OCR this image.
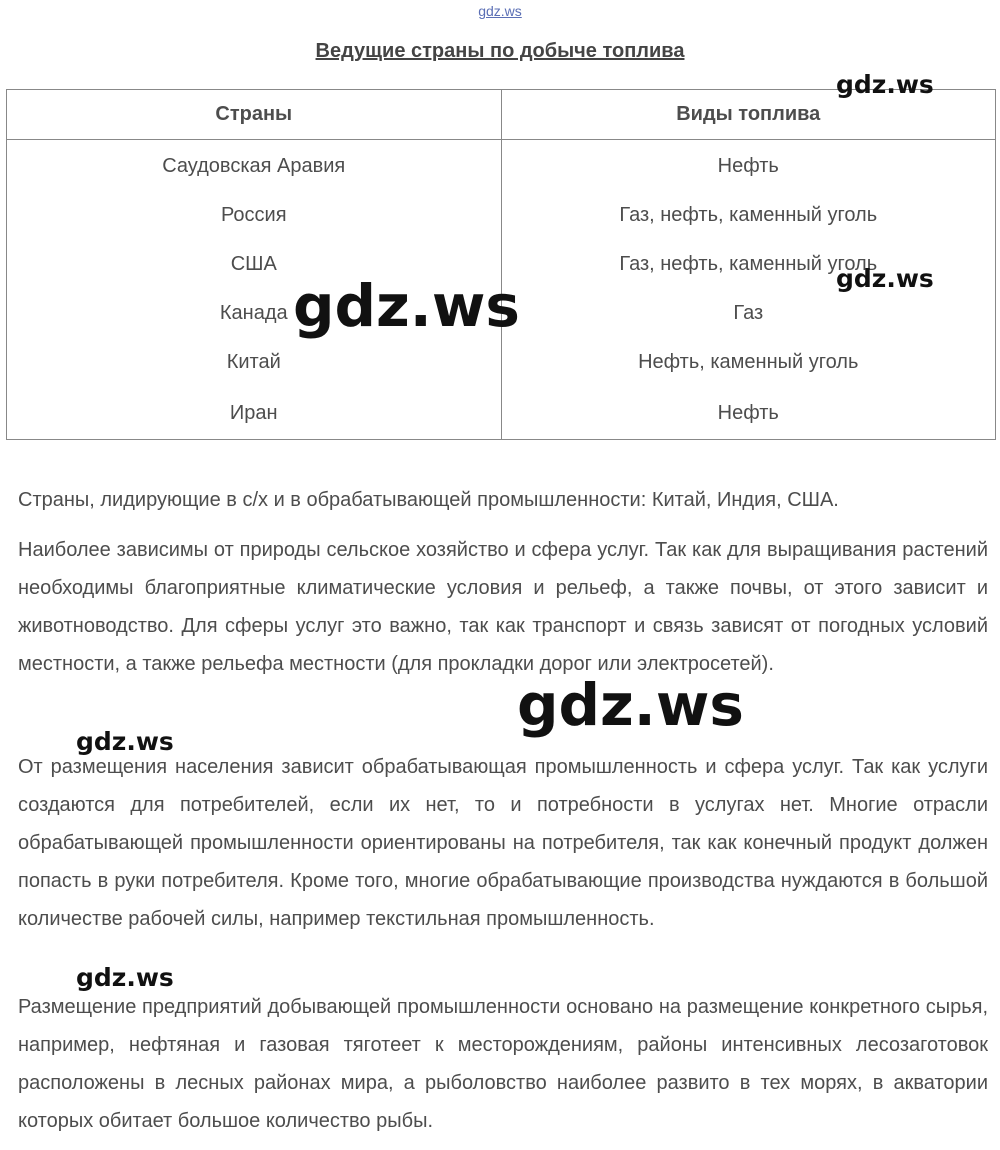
gdz.ws
Ведущие страны по добыче топлива
Страны	Виды топлива
Саудовская Аравия	Нефть
Россия	Газ, нефть, каменный уголь
США	Газ, нефть, каменный уголь
Канада	Газ
Китай	Нефть, каменный уголь
Иран	Нефть

Страны, лидирующие в с/х и в обрабатывающей промышленности: Китай, Индия, США.

Наиболее зависимы от природы сельское хозяйство и сфера услуг. Так как для выращивания растений необходимы благоприятные климатические условия и рельеф, а также почвы, от этого зависит и животноводство. Для сферы услуг это важно, так как транспорт и связь зависят от погодных условий местности, а также рельефа местности (для прокладки дорог или электросетей).

От размещения населения зависит обрабатывающая промышленность и сфера услуг. Так как услуги создаются для потребителей, если их нет, то и потребности в услугах нет. Многие отрасли обрабатывающей промышленности ориентированы на потребителя, так как конечный продукт должен попасть в руки потребителя. Кроме того, многие обрабатывающие производства нуждаются в большой количестве рабочей силы, например текстильная промышленность.

Размещение предприятий добывающей промышленности основано на размещение конкретного сырья, например, нефтяная и газовая тяготеет к месторождениям, районы интенсивных лесозаготовок расположены в лесных районах мира, а рыболовство наиболее развито в тех морях, в акватории которых обитает большое количество рыбы.

gdz.ws
gdz.ws
gdz.ws
gdz.ws
gdz.ws
gdz.ws
